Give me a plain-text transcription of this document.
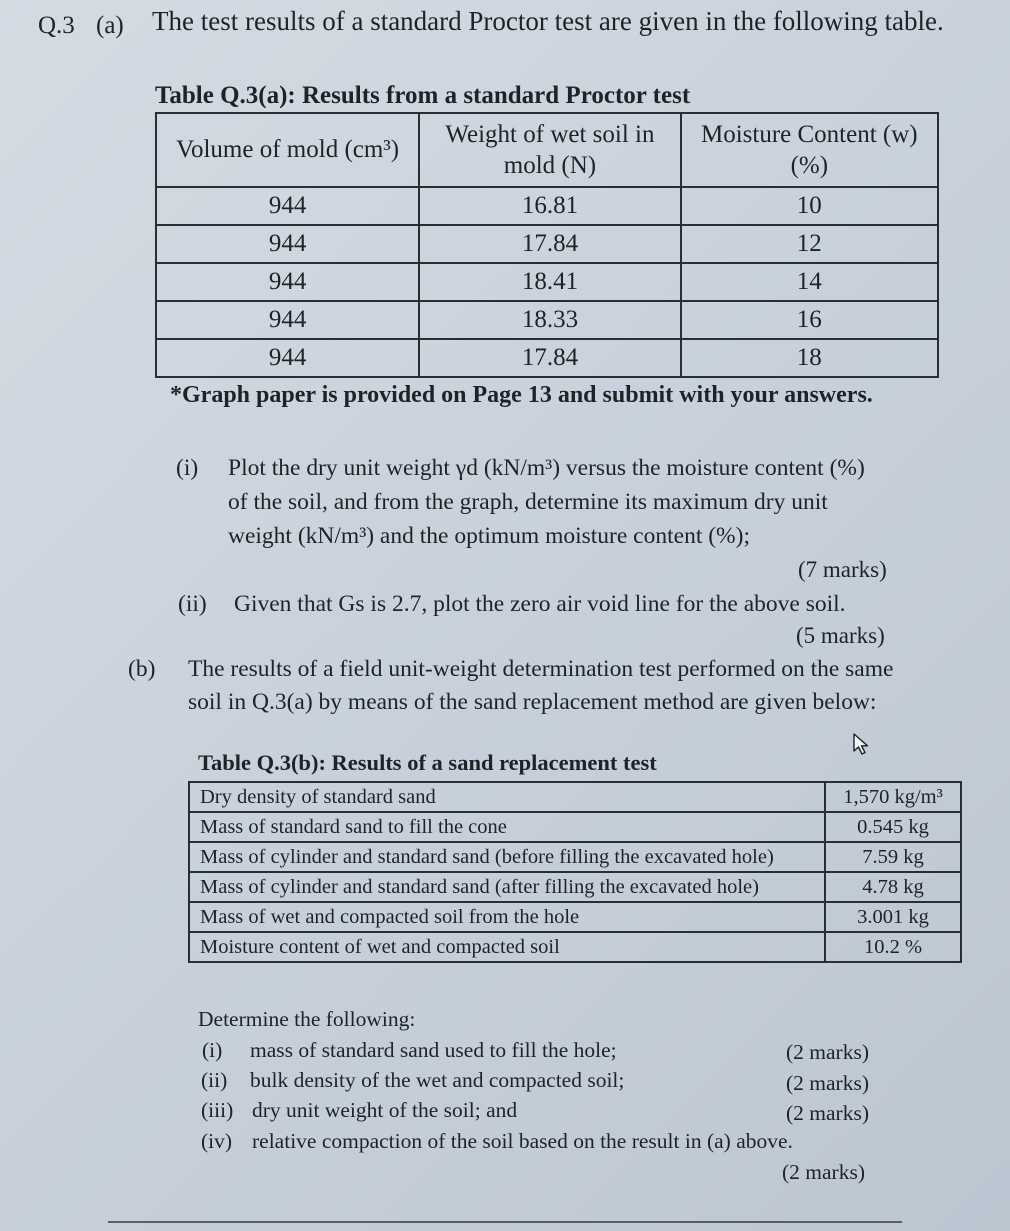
Q.3 (a) The test results of a standard Proctor test are given in the following table.
Table Q.3(a): Results from a standard Proctor test
Volume of mold (cm³)	Weight of wet soil in mold (N)	Moisture Content (w) (%)
944	16.81	10
944	17.84	12
944	18.41	14
944	18.33	16
944	17.84	18
*Graph paper is provided on Page 13 and submit with your answers.
(i) Plot the dry unit weight γd (kN/m³) versus the moisture content (%)
of the soil, and from the graph, determine its maximum dry unit
weight (kN/m³) and the optimum moisture content (%);
(7 marks)
(ii) Given that Gs is 2.7, plot the zero air void line for the above soil.
(5 marks)
(b) The results of a field unit-weight determination test performed on the same
soil in Q.3(a) by means of the sand replacement method are given below:
Table Q.3(b): Results of a sand replacement test
Dry density of standard sand	1,570 kg/m³
Mass of standard sand to fill the cone	0.545 kg
Mass of cylinder and standard sand (before filling the excavated hole)	7.59 kg
Mass of cylinder and standard sand (after filling the excavated hole)	4.78 kg
Mass of wet and compacted soil from the hole	3.001 kg
Moisture content of wet and compacted soil	10.2 %
Determine the following:
(i) mass of standard sand used to fill the hole;	(2 marks)
(ii) bulk density of the wet and compacted soil;	(2 marks)
(iii) dry unit weight of the soil; and	(2 marks)
(iv) relative compaction of the soil based on the result in (a) above.
(2 marks)
